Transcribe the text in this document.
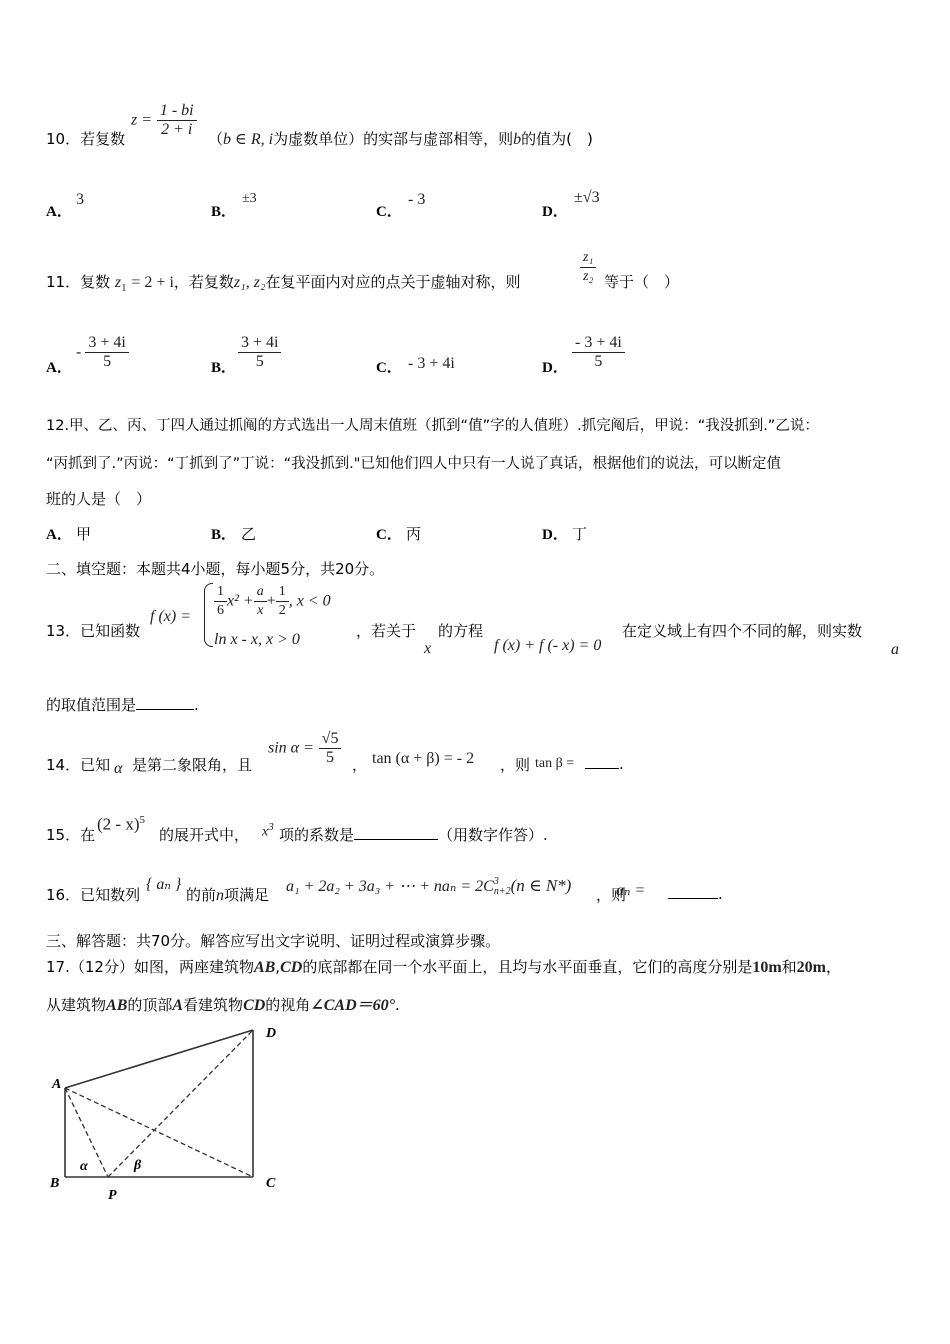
10．若复数
$z = \frac{1 - bi}{2 + i} (b$ ∈ R, i为虚数单位）的实部与虚部相等，则b的值为(　)
A．
3
B．
±3
C．
- 3
D．
±√3
11．复数 $z_1 = 2 + i$，若复数z₁, z₂在复平面内对应的点关于虚轴对称，则	$\frac{\text{z₁}}{\text{z₂}}$ 等于（　）
A．
- $\frac{3 + 4i}{5}$	B． $\frac{3 + 4i}{5}$	C． - 3 + 4i	D． $\frac{- 3 + 4i}{5}$
12.甲、乙、丙、丁四人通过抓阄的方式选出一人周末值班（抓到“值”字的人值班）.抓完阄后，甲说：“我没抓到.”乙说：
“丙抓到了.”丙说：“丁抓到了”丁说：“我没抓到."已知他们四人中只有一人说了真话，根据他们的说法，可以断定值
班的人是（　）
A． 甲	B． 乙	C． 丙	D． 丁
二、填空题：本题共4小题，每小题5分，共20分。
13．已知函数
f $(x) = \frac{1}{6} x^2 + \frac{a}{x} + \frac{1}{2}$ , x < 0
ln x - x, x > 0	，若关于
x
的方程
f (x) + f (- x) = 0
在定义域上有四个不同的解，则实数
a
的取值范围是	.
14．已知 α 是第二象限角，且
$\sin \alpha = \frac{√5}{5}$ ， tan (α + β) = - 2 ，则 tan β =	.
15．在
(2 - x)$^5$
的展开式中， $x^3$ 项的系数是	（用数字作答）.
16．已知数列
{ aₙ }
的前n项满足 a₁ + 2a₂ + 3a₃ + ⋯ + naₙ = 2C 3
n+2 (n ∈ N*) ，则
aₙ =	.
三、解答题：共70分。解答应写出文字说明、证明过程或演算步骤。
17.（12分）如图，两座建筑物AB,CD的底部都在同一个水平面上，且均与水平面垂直，它们的高度分别是10m和20m，
从建筑物AB的顶部A看建筑物CD的视角∠CAD＝60°.
A
B	C
D
P
α	β
